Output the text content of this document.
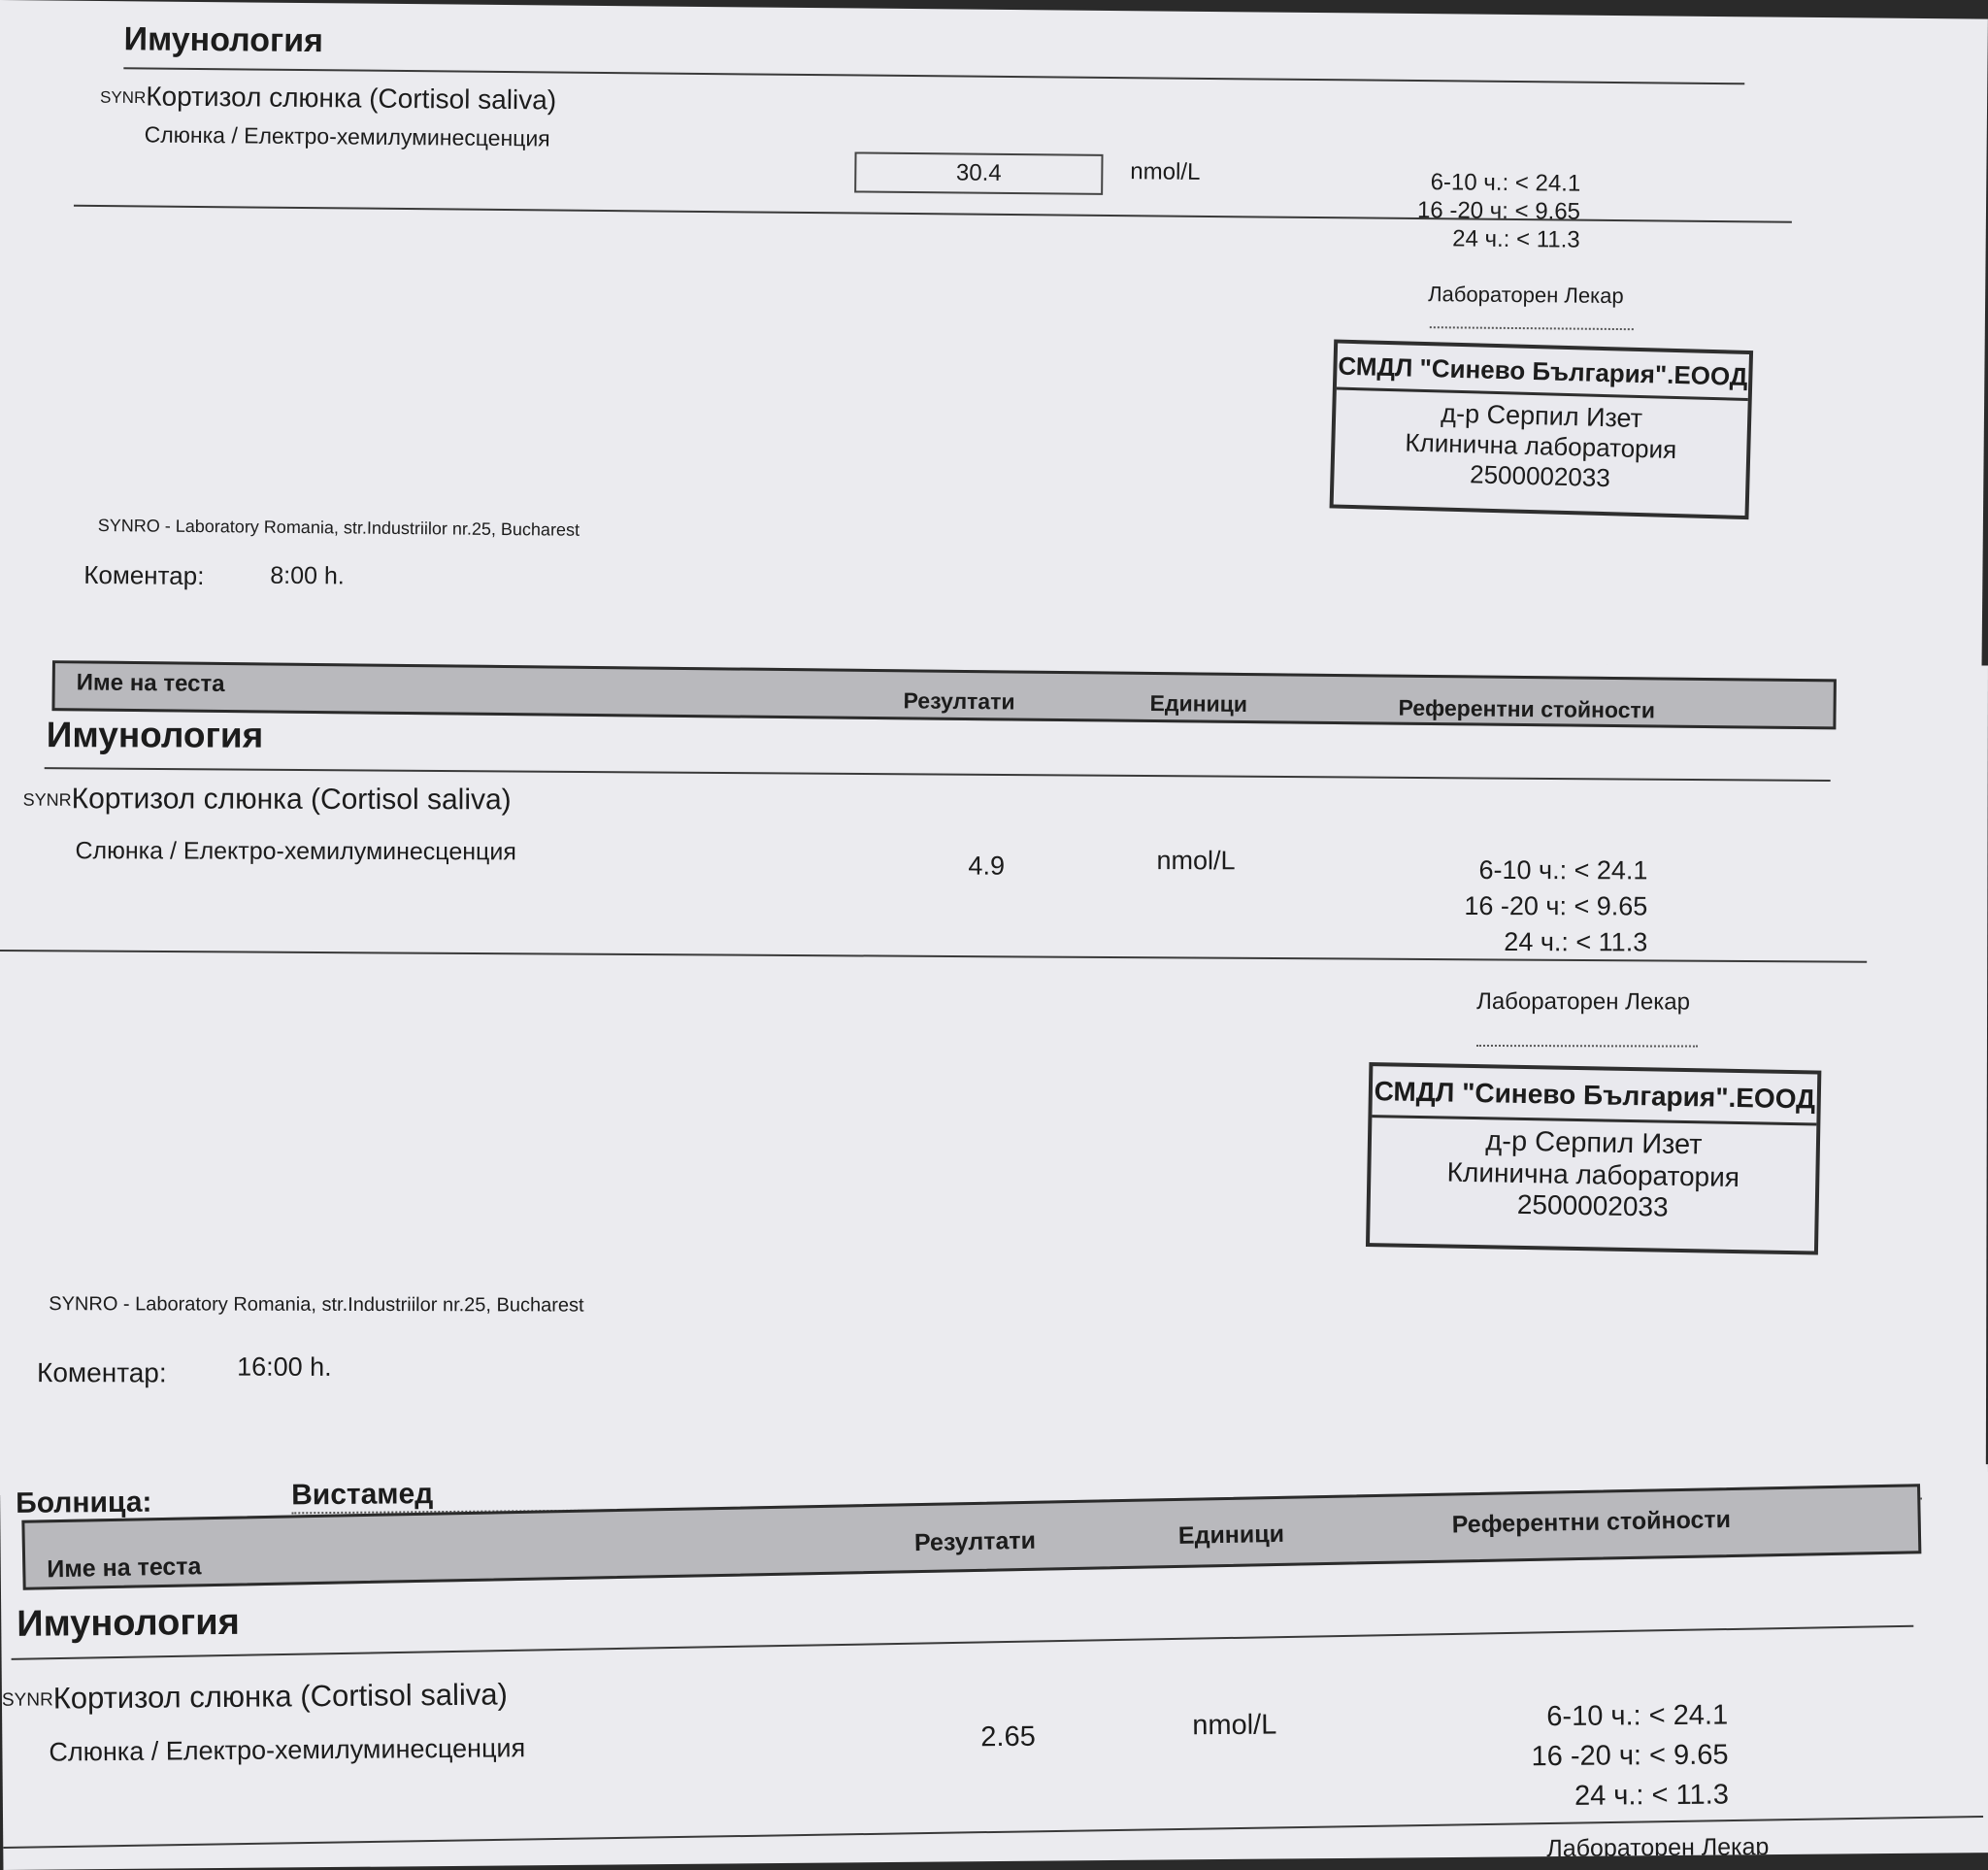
Имунология
SYNRКортизол слюнка (Cortisol saliva)
Слюнка / Електро-хемилуминесценция
30.4	nmol/L	6-10 ч.: < 24.1
16 -20 ч: < 9.65
24 ч.: < 11.3
Лабораторен Лекар
СМДЛ "Синево България".ЕООД
д-р Серпил Изет
Клинична лаборатория
2500002033
SYNRO - Laboratory Romania, str.Industriilor nr.25, Bucharest
Коментар:	8:00 h.
Име на теста
Резултати	Единици	Референтни стойности
Имунология
SYNRКортизол слюнка (Cortisol saliva)
Слюнка / Електро-хемилуминесценция	4.9	nmol/L	6-10 ч.: < 24.1
16 -20 ч: < 9.65
24 ч.: < 11.3
Лабораторен Лекар
СМДЛ "Синево България".ЕООД
д-р Серпил Изет
Клинична лаборатория
2500002033
SYNRO - Laboratory Romania, str.Industriilor nr.25, Bucharest
Коментар:	16:00 h.
Болница:	Вистамед
Име на теста
Резултати	Единици	Референтни стойности
Имунология
SYNRКортизол слюнка (Cortisol saliva)
Слюнка / Електро-хемилуминесценция	2.65	nmol/L	6-10 ч.: < 24.1
16 -20 ч: < 9.65
24 ч.: < 11.3
Лабораторен Лекар
